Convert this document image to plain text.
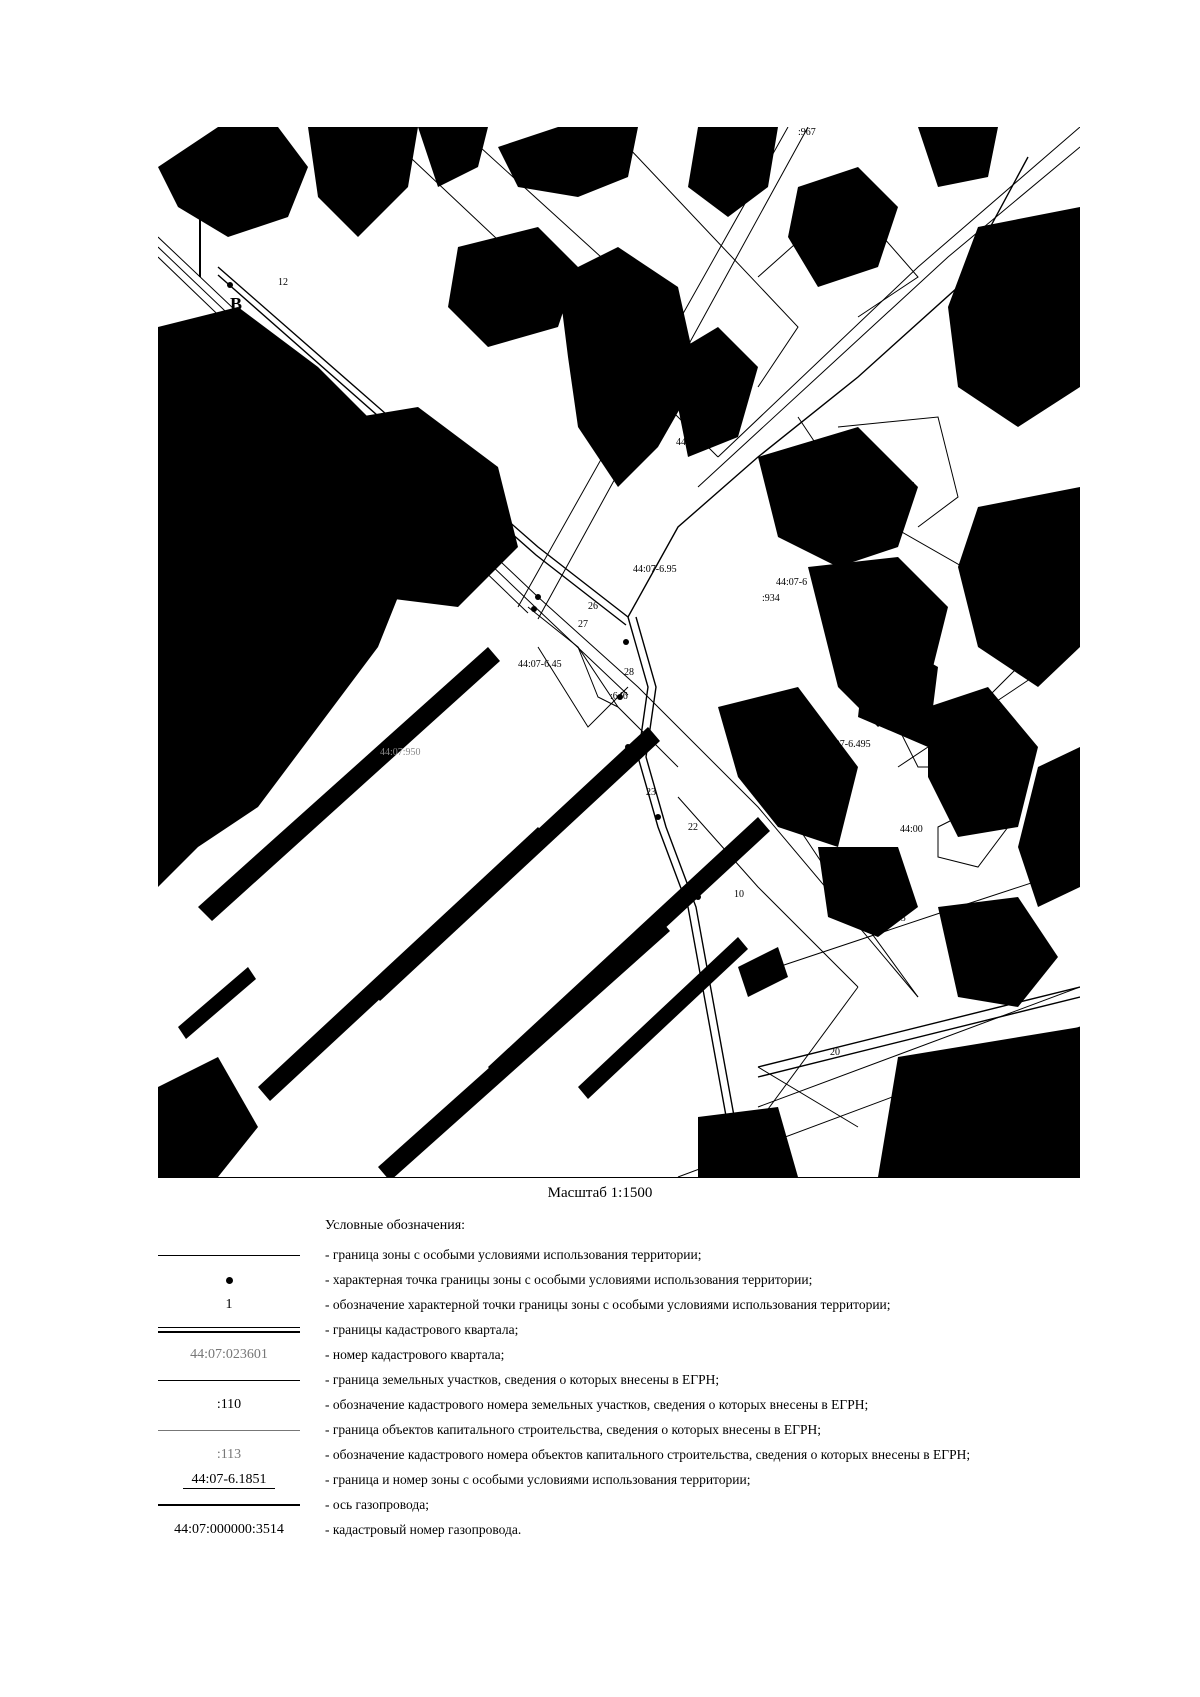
B
:967
:97
44:07:
:374
:521
44:0 6.952
44:07-6.95
:934
44:07-6
:930
44:07-6.45
:646
44:07:950
44:07-6.495
:82
44:00
:895
26
27
28
23
22
10
14
12
20
Масштаб 1:1500
Условные обозначения:
- граница зоны с особыми условиями использования территории;
- характерная точка границы зоны с особыми условиями использования территории;
1	- обозначение характерной точки границы зоны с особыми условиями использования территории;
- границы кадастрового квартала;
44:07:023601	- номер кадастрового квартала;
- граница земельных участков, сведения о которых внесены в ЕГРН;
:110	- обозначение кадастрового номера земельных участков, сведения о которых внесены в ЕГРН;
- граница объектов капитального строительства, сведения о которых внесены в ЕГРН;
:113	- обозначение кадастрового номера объектов капитального строительства, сведения о которых внесены в ЕГРН;
44:07-6.1851	- граница и номер зоны с особыми условиями использования территории;
- ось газопровода;
44:07:000000:3514	- кадастровый номер газопровода.
